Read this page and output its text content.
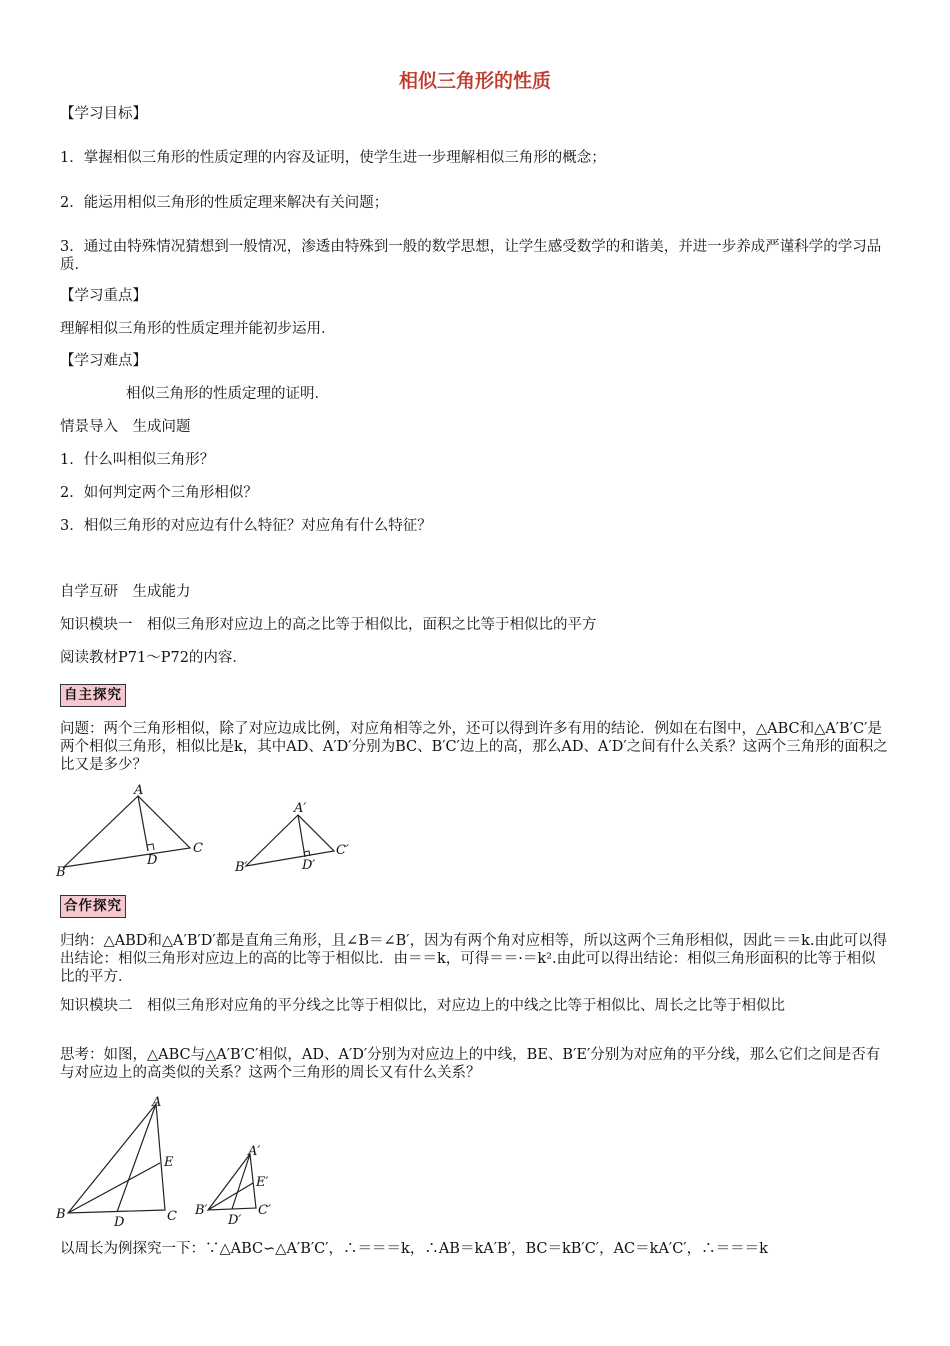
相似三角形的性质
【学习目标】
1．掌握相似三角形的性质定理的内容及证明，使学生进一步理解相似三角形的概念；
2．能运用相似三角形的性质定理来解决有关问题；
3．通过由特殊情况猜想到一般情况，渗透由特殊到一般的数学思想，让学生感受数学的和谐美，并进一步养成严谨科学的学习品质．
【学习重点】
理解相似三角形的性质定理并能初步运用．
【学习难点】
相似三角形的性质定理的证明．
情景导入　生成问题
1．什么叫相似三角形？
2．如何判定两个三角形相似？
3．相似三角形的对应边有什么特征？对应角有什么特征？
自学互研　生成能力
知识模块一　相似三角形对应边上的高之比等于相似比，面积之比等于相似比的平方
阅读教材P71～P72的内容．
自主探究
问题：两个三角形相似，除了对应边成比例，对应角相等之外，还可以得到许多有用的结论．例如在右图中，△ABC和△A′B′C′是两个相似三角形，相似比是k，其中AD、A′D′分别为BC、B′C′边上的高，那么AD、A′D′之间有什么关系？这两个三角形的面积之比又是多少？
A
B
C
D
A′
B′
C′
D′
A
B	C
D
E
A′
B′	C′
D′
E′
合作探究
归纳：△ABD和△A′B′D′都是直角三角形，且∠B＝∠B′，因为有两个角对应相等，所以这两个三角形相似，因此＝＝k.由此可以得出结论：相似三角形对应边上的高的比等于相似比．由＝＝k，可得＝＝·＝k².由此可以得出结论：相似三角形面积的比等于相似比的平方．
知识模块二　相似三角形对应角的平分线之比等于相似比，对应边上的中线之比等于相似比、周长之比等于相似比
思考：如图，△ABC与△A′B′C′相似，AD、A′D′分别为对应边上的中线，BE、B′E′分别为对应角的平分线，那么它们之间是否有与对应边上的高类似的关系？这两个三角形的周长又有什么关系？
以周长为例探究一下：∵△ABC∽△A′B′C′，∴＝＝＝k，∴AB＝kA′B′，BC＝kB′C′，AC＝kA′C′，∴＝＝＝k
